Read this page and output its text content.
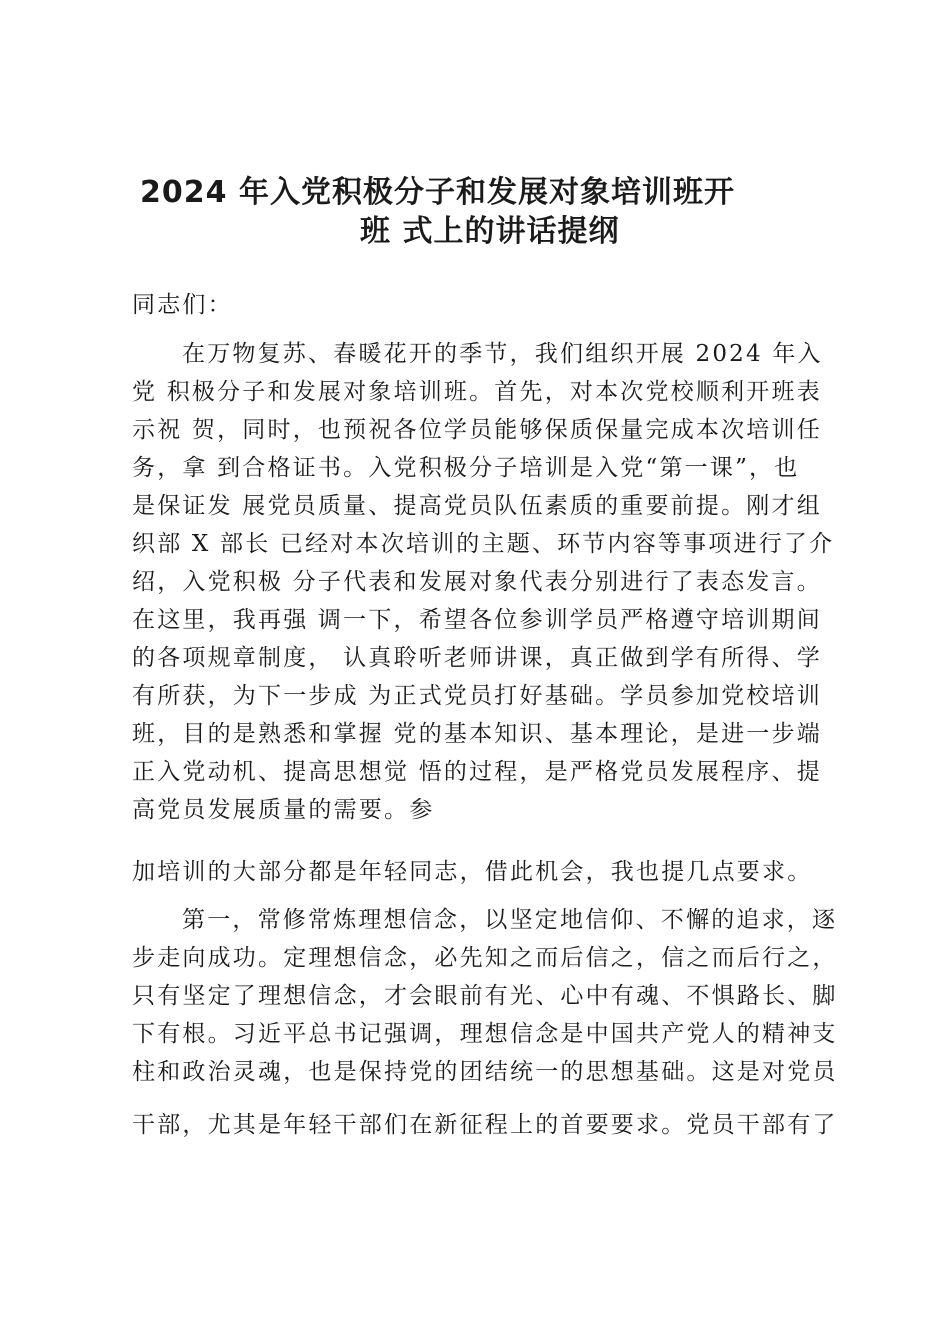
2024 年入党积极分子和发展对象培训班开
班 式上的讲话提纲
同志们：
在万物复苏、春暖花开的季节，我们组织开展 2024 年入
党 积极分子和发展对象培训班。首先，对本次党校顺利开班表
示祝 贺，同时，也预祝各位学员能够保质保量完成本次培训任
务，拿 到合格证书。入党积极分子培训是入党“第一课”，也
是保证发 展党员质量、提高党员队伍素质的重要前提。刚才组
织部 X 部长 已经对本次培训的主题、环节内容等事项进行了介
绍，入党积极 分子代表和发展对象代表分别进行了表态发言。
在这里，我再强 调一下，希望各位参训学员严格遵守培训期间
的各项规章制度， 认真聆听老师讲课，真正做到学有所得、学
有所获，为下一步成 为正式党员打好基础。学员参加党校培训
班，目的是熟悉和掌握 党的基本知识、基本理论，是进一步端
正入党动机、提高思想觉 悟的过程，是严格党员发展程序、提
高党员发展质量的需要。参
加培训的大部分都是年轻同志，借此机会，我也提几点要求。
第一，常修常炼理想信念，以坚定地信仰、不懈的追求，逐
步走向成功。定理想信念，必先知之而后信之，信之而后行之，
只有坚定了理想信念，才会眼前有光、心中有魂、不惧路长、脚
下有根。习近平总书记强调，理想信念是中国共产党人的精神支
柱和政治灵魂，也是保持党的团结统一的思想基础。这是对党员
干部，尤其是年轻干部们在新征程上的首要要求。党员干部有了
